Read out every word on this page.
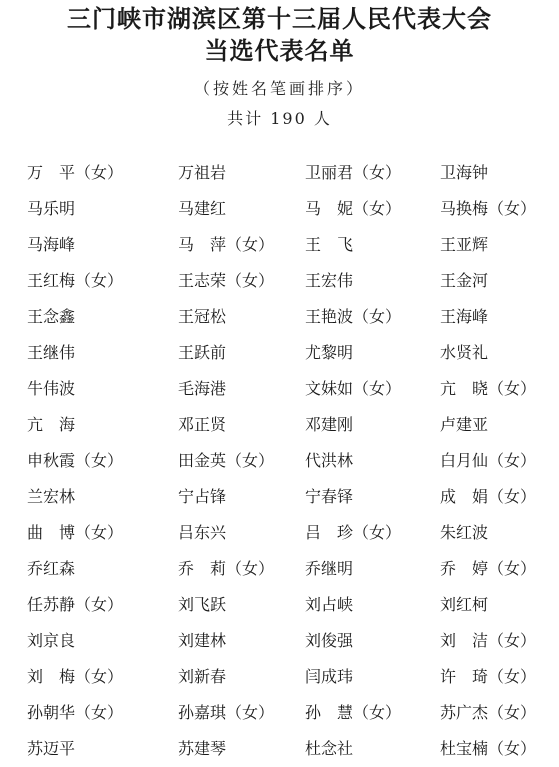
三门峡市湖滨区第十三届人民代表大会
当选代表名单
（按姓名笔画排序）
共计 190 人
万　平（女）	万祖岩	卫丽君（女）	卫海钟
马乐明	马建红	马　妮（女）	马换梅（女）
马海峰	马　萍（女）	王　飞	王亚辉
王红梅（女）	王志荣（女）	王宏伟	王金河
王念鑫	王冠松	王艳波（女）	王海峰
王继伟	王跃前	尤黎明	水贤礼
牛伟波	毛海港	文妹如（女）	亢　晓（女）
亢　海	邓正贤	邓建刚	卢建亚
申秋霞（女）	田金英（女）	代洪林	白月仙（女）
兰宏林	宁占锋	宁春铎	成　娟（女）
曲　博（女）	吕东兴	吕　珍（女）	朱红波
乔红森	乔　莉（女）	乔继明	乔　婷（女）
任苏静（女）	刘飞跃	刘占峡	刘红柯
刘京良	刘建林	刘俊强	刘　洁（女）
刘　梅（女）	刘新春	闫成玮	许　琦（女）
孙朝华（女）	孙嘉琪（女）	孙　慧（女）	苏广杰（女）
苏迈平	苏建琴	杜念社	杜宝楠（女）
